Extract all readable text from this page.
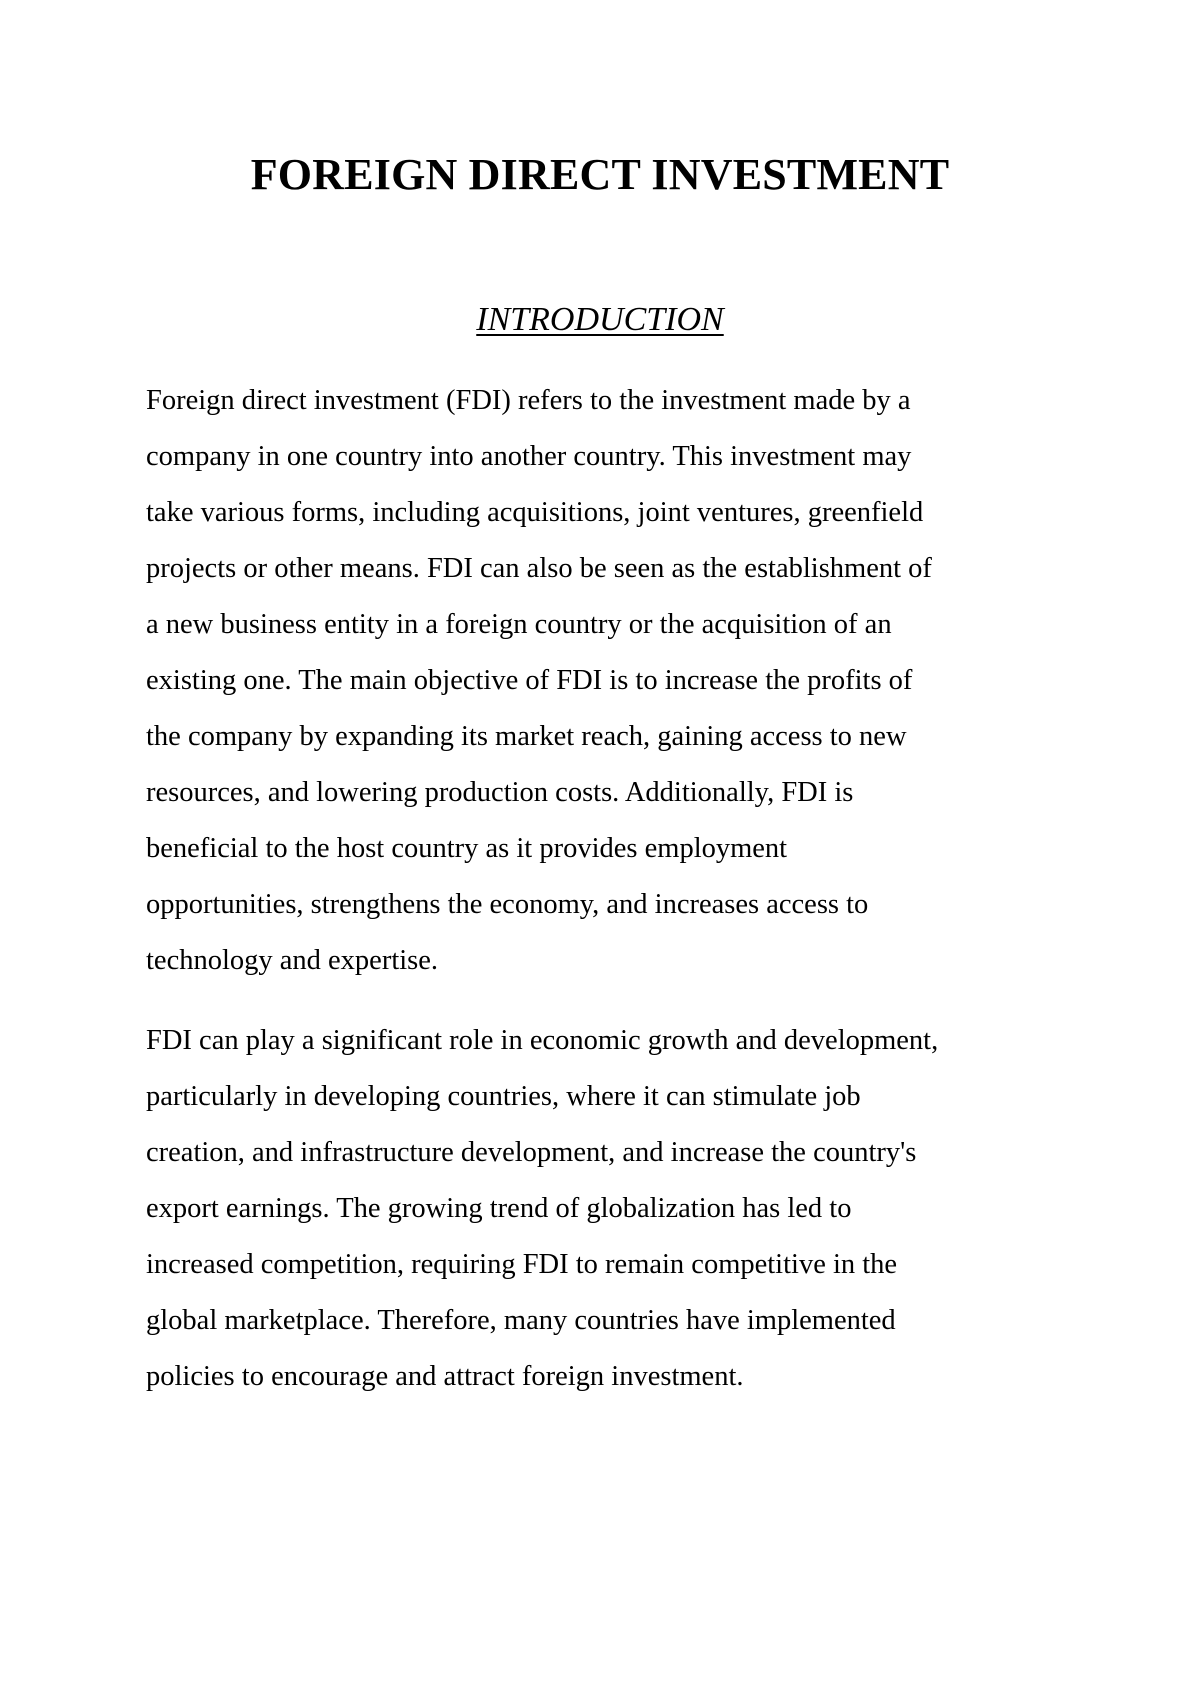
FOREIGN DIRECT INVESTMENT
INTRODUCTION

Foreign direct investment (FDI) refers to the investment made by a
company in one country into another country. This investment may
take various forms, including acquisitions, joint ventures, greenfield
projects or other means. FDI can also be seen as the establishment of
a new business entity in a foreign country or the acquisition of an
existing one. The main objective of FDI is to increase the profits of
the company by expanding its market reach, gaining access to new
resources, and lowering production costs. Additionally, FDI is
beneficial to the host country as it provides employment
opportunities, strengthens the economy, and increases access to
technology and expertise.

FDI can play a significant role in economic growth and development,
particularly in developing countries, where it can stimulate job
creation, and infrastructure development, and increase the country's
export earnings. The growing trend of globalization has led to
increased competition, requiring FDI to remain competitive in the
global marketplace. Therefore, many countries have implemented
policies to encourage and attract foreign investment.
